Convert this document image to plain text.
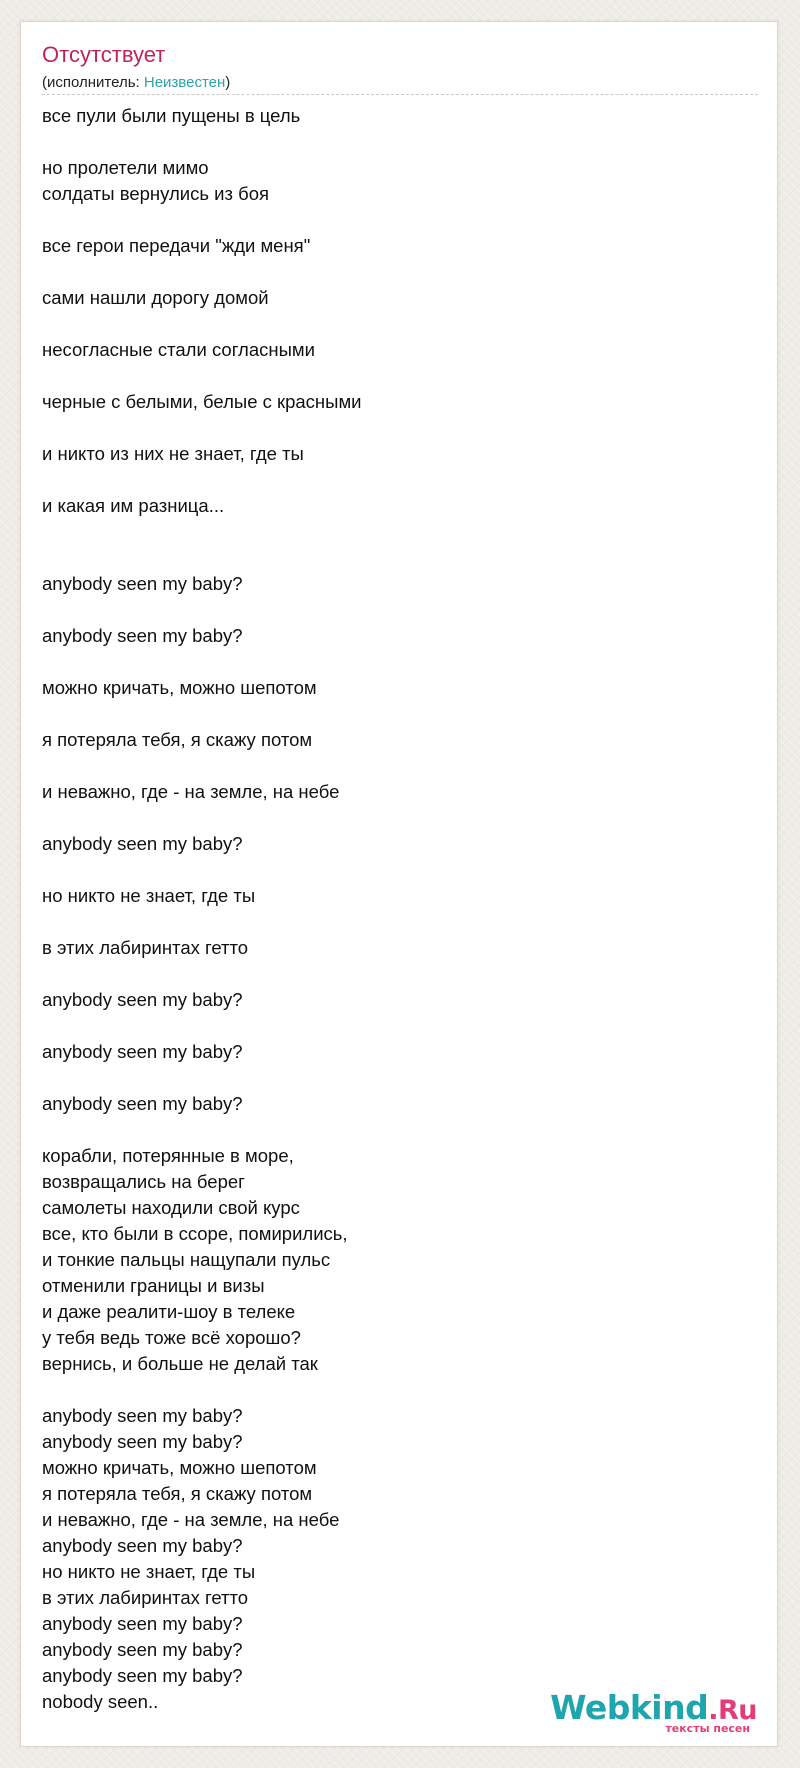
Отсутствует
(исполнитель: Неизвестен)
все пули были пущены в цель
но пролетели мимо
солдаты вернулись из боя
все герои передачи "жди меня"
сами нашли дорогу домой
несогласные стали согласными
черные с белыми, белые с красными
и никто из них не знает, где ты
и какая им разница...
anybody seen my baby?
anybody seen my baby?
можно кричать, можно шепотом
я потеряла тебя, я скажу потом
и неважно, где - на земле, на небе
anybody seen my baby?
но никто не знает, где ты
в этих лабиринтах гетто
anybody seen my baby?
anybody seen my baby?
anybody seen my baby?
корабли, потерянные в море,
возвращались на берег
самолеты находили свой курс
все, кто были в ссоре, помирились,
и тонкие пальцы нащупали пульс
отменили границы и визы
и даже реалити-шоу в телеке
у тебя ведь тоже всё хорошо?
вернись, и больше не делай так
anybody seen my baby?
anybody seen my baby?
можно кричать, можно шепотом
я потеряла тебя, я скажу потом
и неважно, где - на земле, на небе
anybody seen my baby?
но никто не знает, где ты
в этих лабиринтах гетто
anybody seen my baby?
anybody seen my baby?
anybody seen my baby?
nobody seen..	Webkind.Ru
тексты песен
